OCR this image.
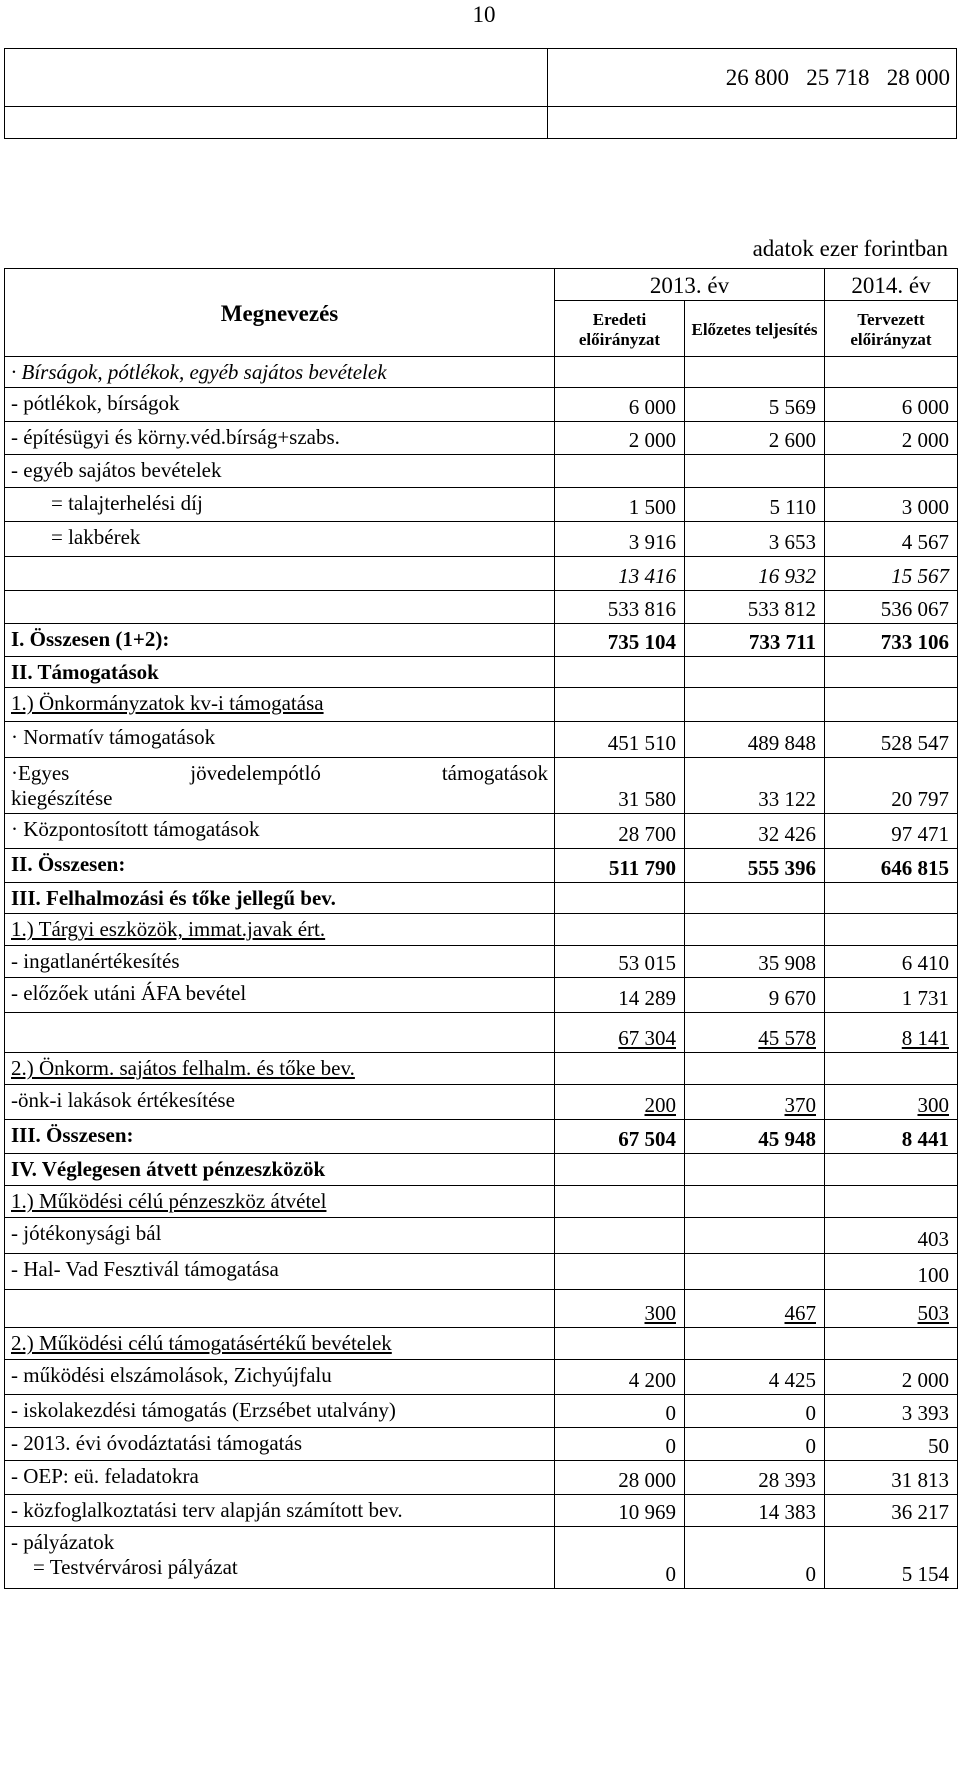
10
	26 800 25 718 28 000

adatok ezer forintban
Megnevezés	2013. év		2014. év
	Eredeti előirányzat	Előzetes teljesítés	Tervezett előirányzat
· Bírságok, pótlékok, egyéb sajátos bevételek			
- pótlékok, bírságok	6 000	5 569	6 000
- építésügyi és körny.véd.bírság+szabs.	2 000	2 600	2 000
- egyéb sajátos bevételek			
= talajterhelési díj	1 500	5 110	3 000
= lakbérek	3 916	3 653	4 567
	13 416	16 932	15 567
	533 816	533 812	536 067
I. Összesen (1+2):	735 104	733 711	733 106
II. Támogatások			
1.) Önkormányzatok kv-i támogatása			
· Normatív támogatások	451 510	489 848	528 547

·Egyes jövedelempótló támogatások
kiegészítése	31 580	33 122	20 797
· Központosított támogatások	28 700	32 426	97 471
II. Összesen:	511 790	555 396	646 815
III. Felhalmozási és tőke jellegű bev.			
1.) Tárgyi eszközök, immat.javak ért.			
- ingatlanértékesítés	53 015	35 908	6 410
- előzőek utáni ÁFA bevétel	14 289	9 670	1 731
	67 304	45 578	8 141
2.) Önkorm. sajátos felhalm. és tőke bev.			
-önk-i lakások értékesítése	200	370	300
III. Összesen:	67 504	45 948	8 441
IV. Véglegesen átvett pénzeszközök			
1.) Működési célú pénzeszköz átvétel			
- jótékonysági bál			403
- Hal- Vad Fesztivál támogatása			100
	300	467	503
2.) Működési célú támogatásértékű bevételek			
- működési elszámolások, Zichyújfalu	4 200	4 425	2 000
- iskolakezdési támogatás (Erzsébet utalvány)	0	0	3 393
- 2013. évi óvodáztatási támogatás	0	0	50
- OEP: eü. feladatokra	28 000	28 393	31 813
- közfoglalkoztatási terv alapján számított bev.	10 969	14 383	36 217

- pályázatok
= Testvérvárosi pályázat	0	0	5 154
